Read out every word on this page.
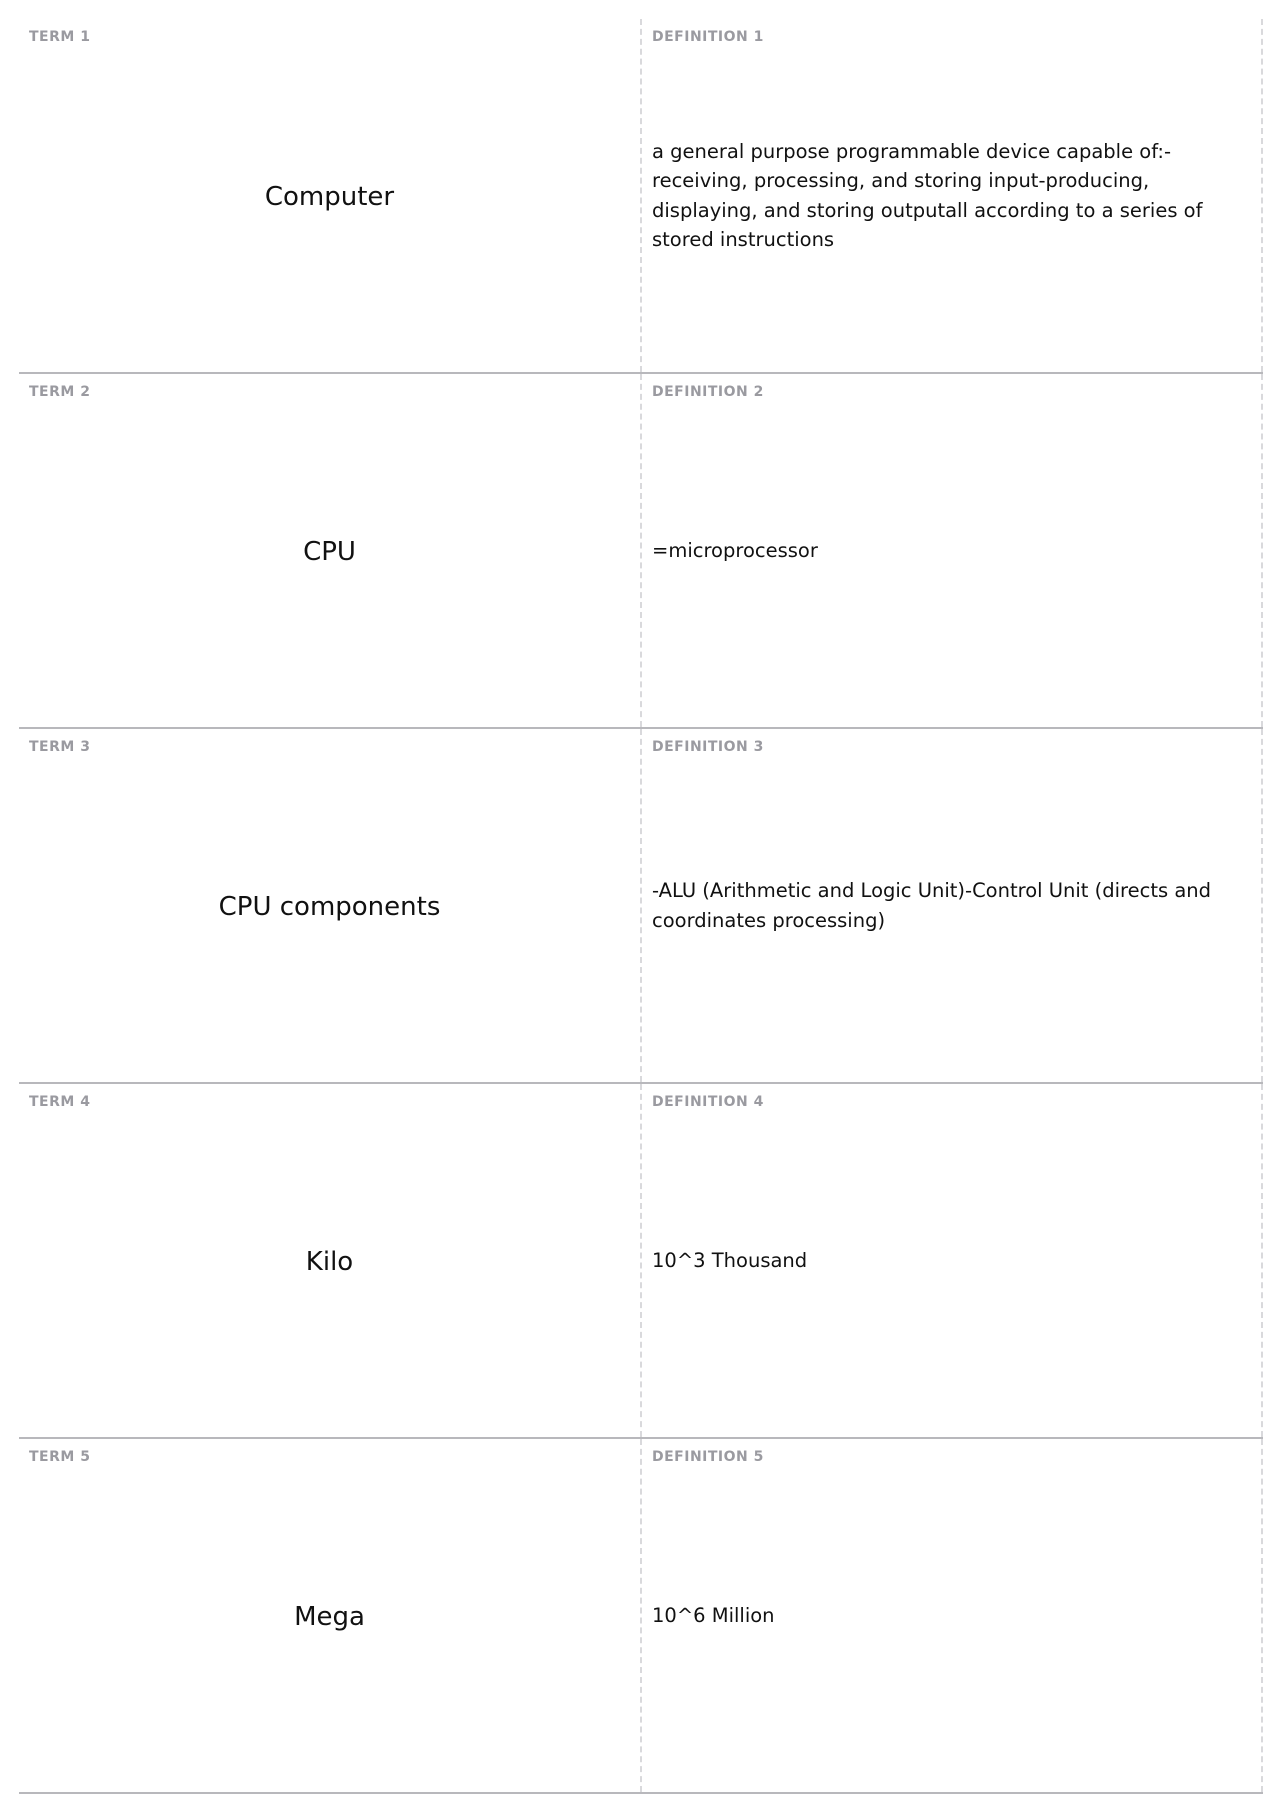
TERM 1
Computer
DEFINITION 1
a general purpose programmable device capable of:-receiving, processing, and storing input-producing, displaying, and storing outputall according to a series of stored instructions
TERM 2
CPU
DEFINITION 2
=microprocessor
TERM 3
CPU components
DEFINITION 3
-ALU (Arithmetic and Logic Unit)-Control Unit (directs and coordinates processing)
TERM 4
Kilo
DEFINITION 4
10^3 Thousand
TERM 5
Mega
DEFINITION 5
10^6 Million
